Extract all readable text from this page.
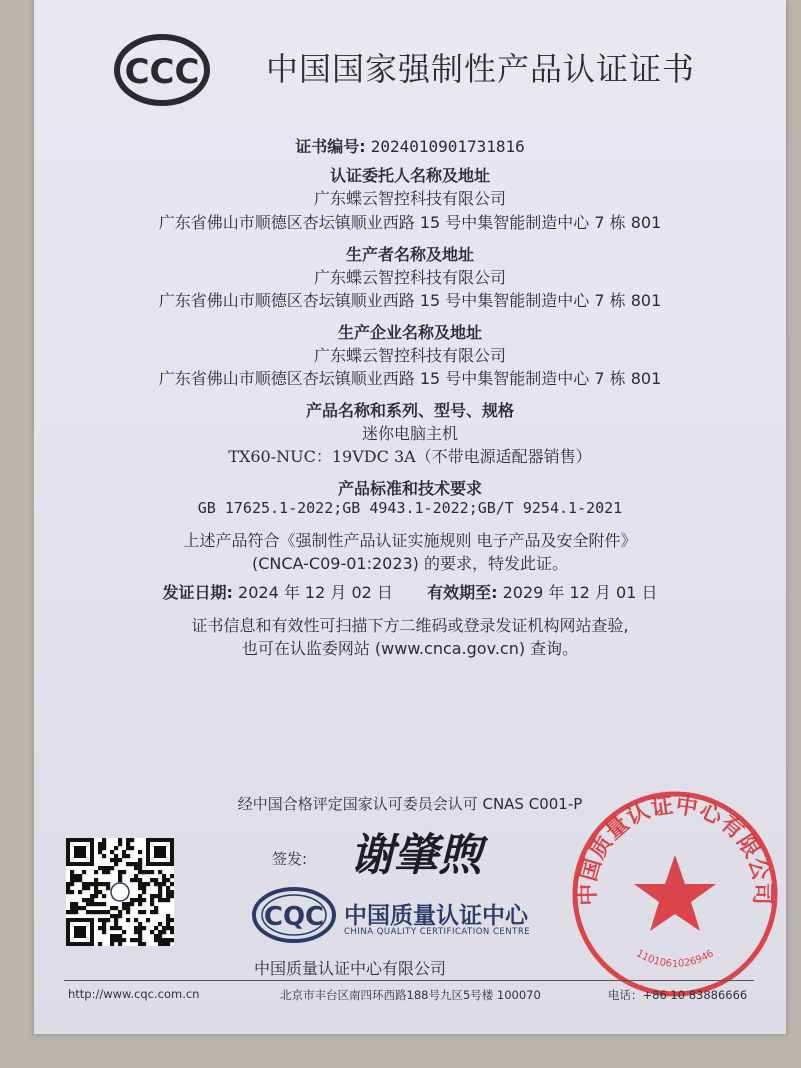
CCC 中国国家强制性产品认证证书
证书编号: 2024010901731816
认证委托人名称及地址
广东蝶云智控科技有限公司
广东省佛山市顺德区杏坛镇顺业西路 15 号中集智能制造中心 7 栋 801
生产者名称及地址
广东蝶云智控科技有限公司
广东省佛山市顺德区杏坛镇顺业西路 15 号中集智能制造中心 7 栋 801
生产企业名称及地址
广东蝶云智控科技有限公司
广东省佛山市顺德区杏坛镇顺业西路 15 号中集智能制造中心 7 栋 801
产品名称和系列、型号、规格
迷你电脑主机
TX60-NUC：19VDC 3A（不带电源适配器销售）
产品标准和技术要求
GB 17625.1-2022;GB 4943.1-2022;GB/T 9254.1-2021
上述产品符合《强制性产品认证实施规则 电子产品及安全附件》
(CNCA-C09-01:2023) 的要求，特发此证。
发证日期: 2024 年 12 月 02 日 有效期至: 2029 年 12 月 01 日
证书信息和有效性可扫描下方二维码或登录发证机构网站查验,
也可在认监委网站 (www.cnca.gov.cn) 查询。
经中国合格评定国家认可委员会认可 CNAS C001-P
签发: 谢肇煦
CQC 中国质量认证中心
CHINA QUALITY CERTIFICATION CENTRE
中国质量认证中心有限公司
中国质量认证中心有限公司
1101061026946
http://www.cqc.com.cn	北京市丰台区南四环西路188号九区5号楼 100070	电话：+86 10 83886666
